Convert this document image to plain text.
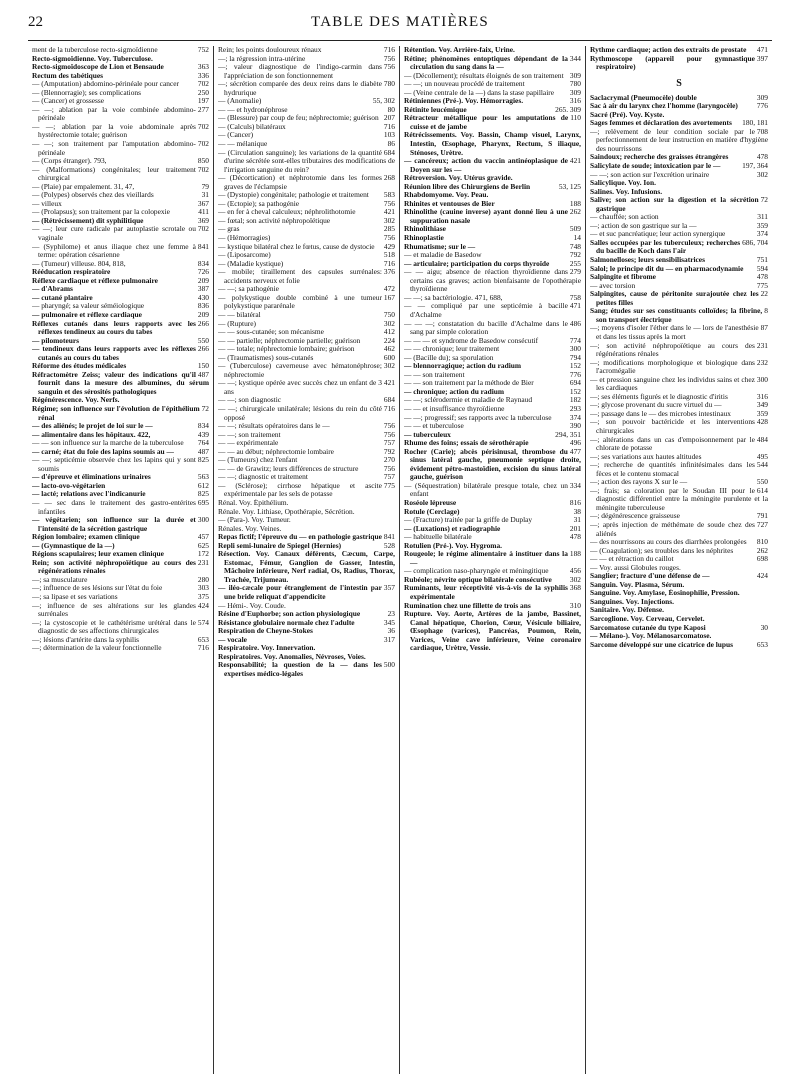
22	TABLE DES MATIÈRES

752
ment de la tuberculose recto-sigmoïdienne

Recto-sigmoïdienne. Voy. Tuberculose.

363
Recto-sigmoïdoscope de Lion et Bensaude

336
Rectum des tabétiques

702
— (Amputation) abdomino-périnéale pour cancer

250
— (Blennorragie); ses complications

197
— (Cancer) et grossesse

277
— —; ablation par la voie combinée abdomino-périnéale

702
— —; ablation par la voie abdominale après hystérectomie totale; guérison

702
— —; son traitement par l'amputation abdomino-périnéale

850
— (Corps étranger). 793,

702
— (Malformations) congénitales; leur traitement chirurgical

79
— (Plaie) par empalement. 31, 47,

31
— (Polypes) observés chez des vieillards

367
— villeux

411
— (Prolapsus); son traitement par la colopexie

369
— (Rétrécissement) dit syphilitique

702
— —; leur cure radicale par autoplastie scrotale ou vaginale

841
— (Syphilome) et anus iliaque chez une femme à terme: opération césarienne

834
— (Tumeur) villeuse. 804, 818,

726
Rééducation respiratoire

209
Réflexe cardiaque et réflexe pulmonaire

387
— d'Abrams

430
— cutané plantaire

836
— pharyngé; sa valeur séméiologique

209
— pulmonaire et réflexe cardiaque

266
Réflexes cutanés dans leurs rapports avec les réflexes tendineux au cours du tabes

550
— pilomoteurs

266
— tendineux dans leurs rapports avec les réflexes cutanés au cours du tabes

150
Réforme des études médicales

487
Réfractomètre Zeiss; valeur des indications qu'il fournit dans la mesure des albumines, du sérum sanguin et des sérosités pathologiques

Régénérescence. Voy. Nerfs.

72
Régime; son influence sur l'évolution de l'épithélium rénal

834
— des aliénés; le projet de loi sur le —

439
— alimentaire dans les hôpitaux. 422,

764
— — son influence sur la marche de la tuberculose

487
— carné; état du foie des lapins soumis au —

825
— —; septicémie observée chez les lapins qui y sont soumis

563
— d'épreuve et éliminations urinaires

612
— lacto-ovo-végétarien

825
— lacté; relations avec l'indicanurie

695
— — sec dans le traitement des gastro-entérites infantiles

300
— végétarien; son influence sur la durée et l'intensité de la sécrétion gastrique

457
Région lombaire; examen clinique

625
— (Gymnastique de la —)

172
Régions scapulaires; leur examen clinique

231
Rein; son activité néphropoïétique au cours des régénérations rénales

280
—; sa musculature

303
—; influence de ses lésions sur l'état du foie

375
—; sa lipase et ses variations

424
—; influence de ses altérations sur les glandes surrénales

574
—; la cystoscopie et le cathétérisme urétéral dans le diagnostic de ses affections chirurgicales

653
—; lésions d'artérite dans la syphilis

716
—; détermination de la valeur fonctionnelle

716
Rein; les points douloureux rénaux

756
—; la régression intra-utérine

756
—; valeur diagnostique de l'indigo-carmin dans l'appréciation de son fonctionnement

780
—; sécrétion comparée des deux reins dans le diabète hydrurique

55, 302
— (Anomalie)

80
— — et hydronéphrose

207
— (Blessure) par coup de feu; néphrectomie; guérison

716
— (Calculs) bilatéraux

103
— (Cancer)

86
— — mélanique

684
— (Circulation sanguine); les variations de la quantité d'urine sécrétée sont-elles tributaires des modifications de l'irrigation sanguine du rein?

268
— (Décortication) et néphrotomie dans les formes graves de l'éclampsie

583
— (Dystopie) congénitale; pathologie et traitement

756
— (Ectopie); sa pathogénie

421
— en fer à cheval calculeux; néphrolithotomie

302
— fœtal; son activité néphropoïétique

285
— gras

756
— (Hémorragies)

429
— kystique bilatéral chez le fœtus, cause de dystocie

518
— (Liposarcome)

716
— (Maladie kystique)

376
— mobile; tiraillement des capsules surrénales: accidents nerveux et folie

472
— —; sa pathogénie

167
— polykystique double combiné à une tumeur polykystique pararénale

750
— — bilatéral

302
— (Rupture)

412
— — sous-cutanée; son mécanisme

224
— — partielle; néphrectomie partielle; guérison

462
— — totale; néphrectomie lombaire; guérison

600
— (Traumatismes) sous-cutanés

302
— (Tuberculose) caverneuse avec hématonéphrose; néphrectomie

421
— —; kystique opérée avec succès chez un enfant de 3 ans

684
— —; son diagnostic

716
— —; chirurgicale unilatérale; lésions du rein du côté opposé

756
— —; résultats opératoires dans le —

756
— —; son traitement

757
— — expérimentale

792
— — au début; néphrectomie lombaire

270
— (Tumeurs) chez l'enfant

756
— — de Grawitz; leurs différences de structure

757
— —; diagnostic et traitement

775
— (Sclérose); cirrhose hépatique et ascite expérimentale par les sels de potasse

Rénal. Voy. Épithélium.

Rénale. Voy. Lithiase, Opothérapie, Sécrétion.

— (Para-). Voy. Tumeur.

Rénales. Voy. Veines.

841
Repas fictif; l'épreuve du — en pathologie gastrique

528
Repli semi-lunaire de Spiegel (Hernies)

Résection. Voy. Canaux déférents, Cæcum, Carpe, Estomac, Fémur, Ganglion de Gasser, Intestin, Mâchoire inférieure, Nerf radial, Os, Radius, Thorax, Trachée, Trijumeau.

357
— iléo-cæcale pour étranglement de l'intestin par une bride reliquat d'appendicite

— Hémi-. Voy. Coude.

23
Résine d'Euphorbe; son action physiologique

345
Résistance globulaire normale chez l'adulte

36
Respiration de Cheyne-Stokes

317
— vocale

Respiratoire. Voy. Innervation.

Respiratoires. Voy. Anomalies, Névroses, Voies.

500
Responsabilité; la question de la — dans les expertises médico-légales

Rétention. Voy. Arrière-faix, Urine.

344
Rétine; phénomènes entoptiques dépendant de la circulation du sang dans la —

309
— (Décollement); résultats éloignés de son traitement

780
— —; un nouveau procédé de traitement

309
— (Veine centrale de la —) dans la stase papillaire

316
Rétiniennes (Pré-). Voy. Hémorragies.

265. 309
Rétinite leucémique

110
Rétracteur métallique pour les amputations de cuisse et de jambe

Rétrécissements. Voy. Bassin, Champ visuel, Larynx, Intestin, Œsophage, Pharynx, Rectum, S iliaque, Sténoses, Urètre.

421
— cancéreux; action du vaccin antinéoplasique de Doyen sur les —

Rétroversion. Voy. Utérus gravide.

53, 125
Réunion libre des Chirurgiens de Berlin

Rhabdomyome. Voy. Peau.

188
Rhinites et ventouses de Bier

262
Rhinolithe (cauine inverse) ayant donné lieu à une suppuration nasale

509
Rhinolithiase

14
Rhinoplastie

748
Rhumatisme; sur le —

792
— et maladie de Basedow

255
— articulaire; participation du corps thyroïde

279
— — aigu; absence de réaction thyroïdienne dans certains cas graves; action bienfaisante de l'opothérapie thyroïdienne

758
— —; sa bactériologie. 471, 688,

471
— — compliqué par une septicémie à bacille d'Achalme

486
— — —; constatation du bacille d'Achalme dans le sang par simple coloration

774
— — — et syndrome de Basedow consécutif

300
— — chronique; leur traitement

794
— (Bacille du); sa sporulation

152
— blennorragique; action du radium

776
— — son traitement

694
— — son traitement par la méthode de Bier

152
— chronique; action du radium

182
— —; sclérodermie et maladie de Raynaud

293
— — et insuffisance thyroïdienne

374
— —; progressif; ses rapports avec la tuberculose

390
— — et tuberculose

294, 351
— tuberculeux

496
Rhume des foins; essais de sérothérapie

477
Rocher (Carie); abcès périsinusal, thrombose du sinus latéral gauche, pneumonie septique droite, évidement pétro-mastoïdien, excision du sinus latéral gauche, guérison

334
— (Séquestration) bilatérale presque totale, chez un enfant

816
Roséole lépreuse

38
Rotule (Cerclage)

31
— (Fracture) traitée par la griffe de Duplay

201
— (Luxations) et radiographie

478
— habituelle bilatérale

Rotulien (Pré-). Voy. Hygroma.

188
Rougeole; le régime alimentaire à instituer dans la —

456
— complication naso-pharyngée et méningitique

302
Rubéole; névrite optique bilatérale consécutive

368
Ruminants, leur réceptivité vis-à-vis de la syphilis expérimentale

310
Rumination chez une fillette de trois ans

Rupture. Voy. Aorte, Artères de la jambe, Bassinet, Canal hépatique, Chorion, Cœur, Vésicule biliaire, Œsophage (varices), Pancréas, Poumon, Rein, Varices, Veine cave inférieure, Veine coronaire cardiaque, Urètre, Vessie.

471
Rythme cardiaque; action des extraits de prostate

397
Rythmoscope (appareil pour gymnastique respiratoire)

S

309
Saclacrymal (Pneumocèle) double

776
Sac à air du larynx chez l'homme (laryngocèle)

Sacré (Pré). Voy. Kyste.

180, 181
Sages femmes et déclaration des avortements

708
—; relèvement de leur condition sociale par le perfectionnement de leur instruction en matière d'hygiène des nourrissons

478
Saindoux; recherche des graisses étrangères

197, 364
Salicylate de soude; intoxication par le —

302
— —; son action sur l'excrétion urinaire

Salicylique. Voy. Ion.

Salines. Voy. Infusions.

72
Salive; son action sur la digestion et la sécrétion gastrique

311
— chauffée; son action

359
—; action de son gastrique sur la —

374
— et suc pancréatique; leur action synergique

686, 704
Salles occupées par les tuberculeux; recherches du bacille de Koch dans l'air

751
Salmonelloses; leurs sensibilisatrices

594
Salol; le principe dit du — en pharmacodynamie

478
Salpingite et fibrome

775
— avec torsion

22
Salpingites, cause de péritonite surajoutée chez les petites filles

8
Sang; études sur ses constituants colloïdes; la fibrine, son transport électrique

87
—; moyens d'isoler l'éther dans le — lors de l'anesthésie et dans les tissus après la mort

231
—; son activité néphropoïétique au cours des régénérations rénales

232
—; modifications morphologique et biologique dans l'acromégalie

300
— et pression sanguine chez les individus sains et chez les cardiaques

316
—; ses éléments figurés et le diagnostic d'iritis

349
—; glycose provenant du sucre virtuel du —

359
—; passage dans le — des microbes intestinaux

428
—; son pouvoir bactéricide et les interventions chirurgicales

484
—; altérations dans un cas d'empoisonnement par le chlorate de potasse

495
—; ses variations aux hautes altitudes

544
—; recherche de quantités infinitésimales dans les fèces et le contenu stomacal

550
—; action des rayons X sur le —

614
—; frais; sa coloration par le Soudan III pour le diagnostic différentiel entre la méningite purulente et la méningite tuberculeuse

791
—; dégénérescence graisseuse

727
—; après injection de méthémate de soude chez des aliénés

810
— des nourrissons au cours des diarrhées prolongées

262
— (Coagulation); ses troubles dans les néphrites

698
— — et rétraction du caillot

— Voy. aussi Globules rouges.

424
Sanglier; fracture d'une défense de —

Sanguin. Voy. Plasma, Sérum.

Sanguine. Voy. Amylase, Éosinophilie, Pression.

Sanguines. Voy. Injections.

Sanitaire. Voy. Défense.

Sarcoglione. Voy. Cerveau, Cervelet.

30
Sarcomatose cutanée du type Kaposi

— Mélano-). Voy. Mélanosarcomatose.

653
Sarcome développé sur une cicatrice de lupus
